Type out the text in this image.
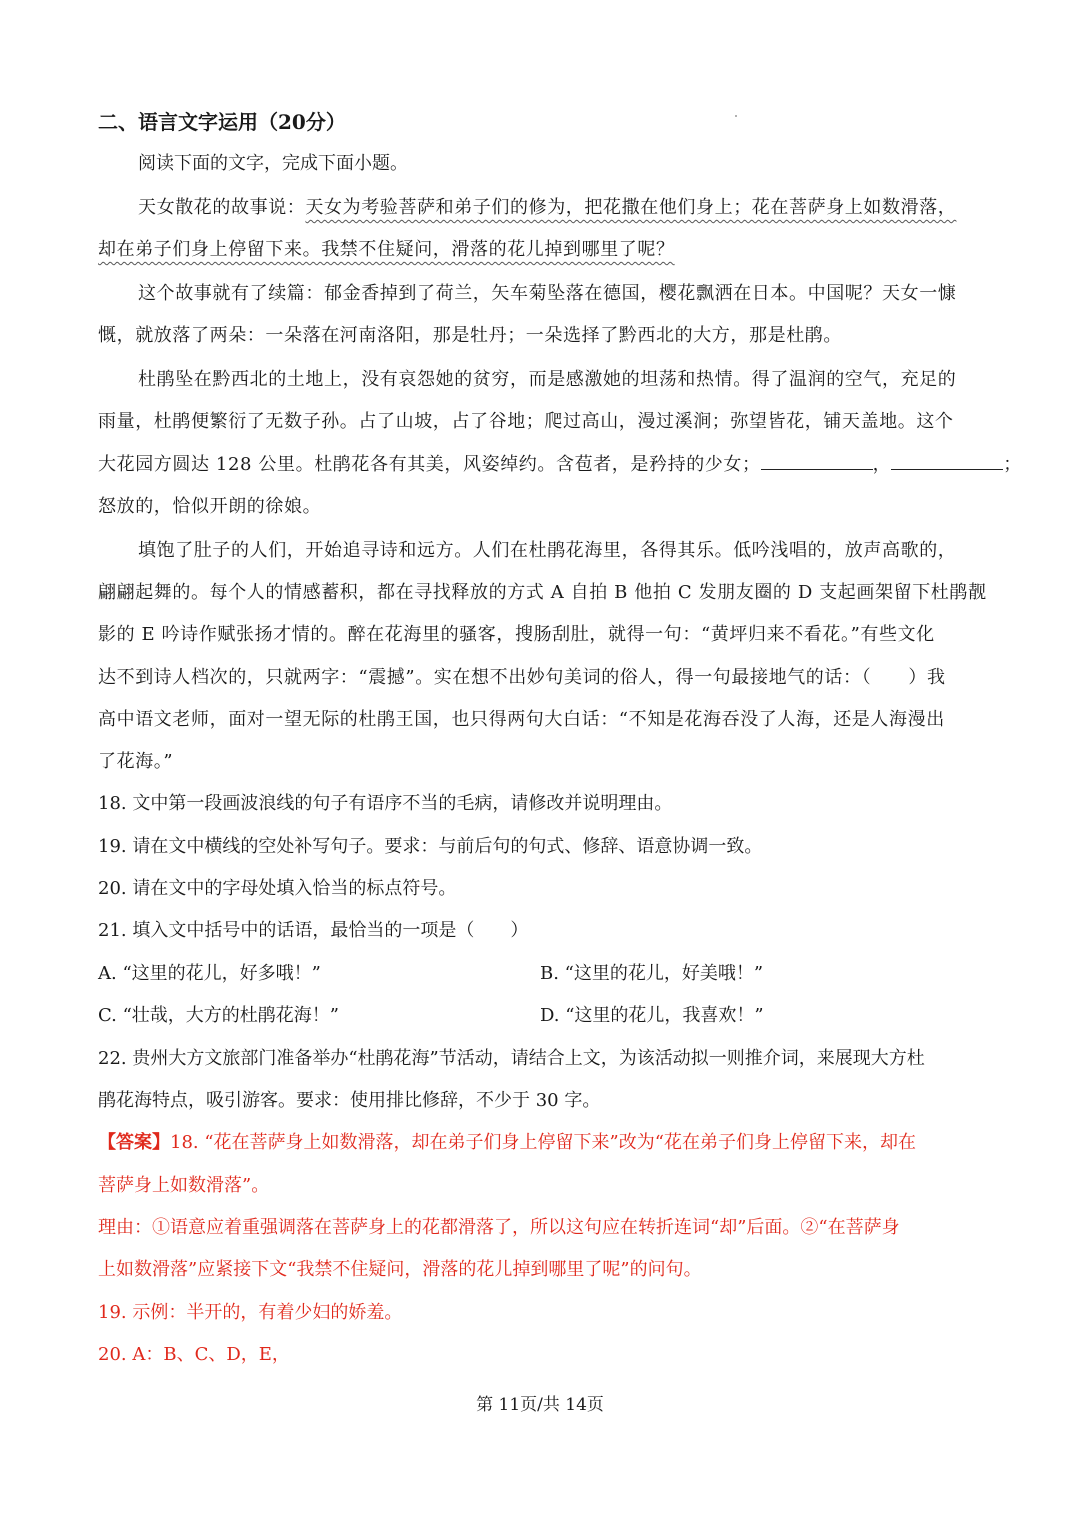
二、语言文字运用（20分）
阅读下面的文字，完成下面小题。
天女散花的故事说：天女为考验菩萨和弟子们的修为，把花撒在他们身上；花在菩萨身上如数滑落，
却在弟子们身上停留下来。我禁不住疑问，滑落的花儿掉到哪里了呢？
这个故事就有了续篇：郁金香掉到了荷兰，矢车菊坠落在德国，樱花飘洒在日本。中国呢？天女一慷
慨，就放落了两朵：一朵落在河南洛阳，那是牡丹；一朵选择了黔西北的大方，那是杜鹃。
杜鹃坠在黔西北的土地上，没有哀怨她的贫穷，而是感激她的坦荡和热情。得了温润的空气，充足的
雨量，杜鹃便繁衍了无数子孙。占了山坡，占了谷地；爬过高山，漫过溪涧；弥望皆花，铺天盖地。这个
大花园方圆达 128 公里。杜鹃花各有其美，风姿绰约。含苞者，是矜持的少女；	，	；
怒放的，恰似开朗的徐娘。
填饱了肚子的人们，开始追寻诗和远方。人们在杜鹃花海里，各得其乐。低吟浅唱的，放声高歌的，
翩翩起舞的。每个人的情感蓄积，都在寻找释放的方式 A 自拍 B 他拍 C 发朋友圈的 D 支起画架留下杜鹃靓
影的 E 吟诗作赋张扬才情的。醉在花海里的骚客，搜肠刮肚，就得一句：“黄坪归来不看花。”有些文化
达不到诗人档次的，只就两字：“震撼”。实在想不出妙句美词的俗人，得一句最接地气的话：（　　）我
高中语文老师，面对一望无际的杜鹃王国，也只得两句大白话：“不知是花海吞没了人海，还是人海漫出
了花海。”
18. 文中第一段画波浪线的句子有语序不当的毛病，请修改并说明理由。
19. 请在文中横线的空处补写句子。要求：与前后句的句式、修辞、语意协调一致。
20. 请在文中的字母处填入恰当的标点符号。
21. 填入文中括号中的话语，最恰当的一项是（　　）
A. “这里的花儿，好多哦！”	B. “这里的花儿，好美哦！”
C. “壮哉，大方的杜鹃花海！”	D. “这里的花儿，我喜欢！”
22. 贵州大方文旅部门准备举办“杜鹃花海”节活动，请结合上文，为该活动拟一则推介词，来展现大方杜
鹃花海特点，吸引游客。要求：使用排比修辞，不少于 30 字。
【答案】18. “花在菩萨身上如数滑落，却在弟子们身上停留下来”改为“花在弟子们身上停留下来，却在
菩萨身上如数滑落”。
理由：①语意应着重强调落在菩萨身上的花都滑落了，所以这句应在转折连词“却”后面。②“在菩萨身
上如数滑落”应紧接下文“我禁不住疑问，滑落的花儿掉到哪里了呢”的问句。
19. 示例：半开的，有着少妇的娇羞。
20. A：B、C、D，E，
第 11页/共 14页
